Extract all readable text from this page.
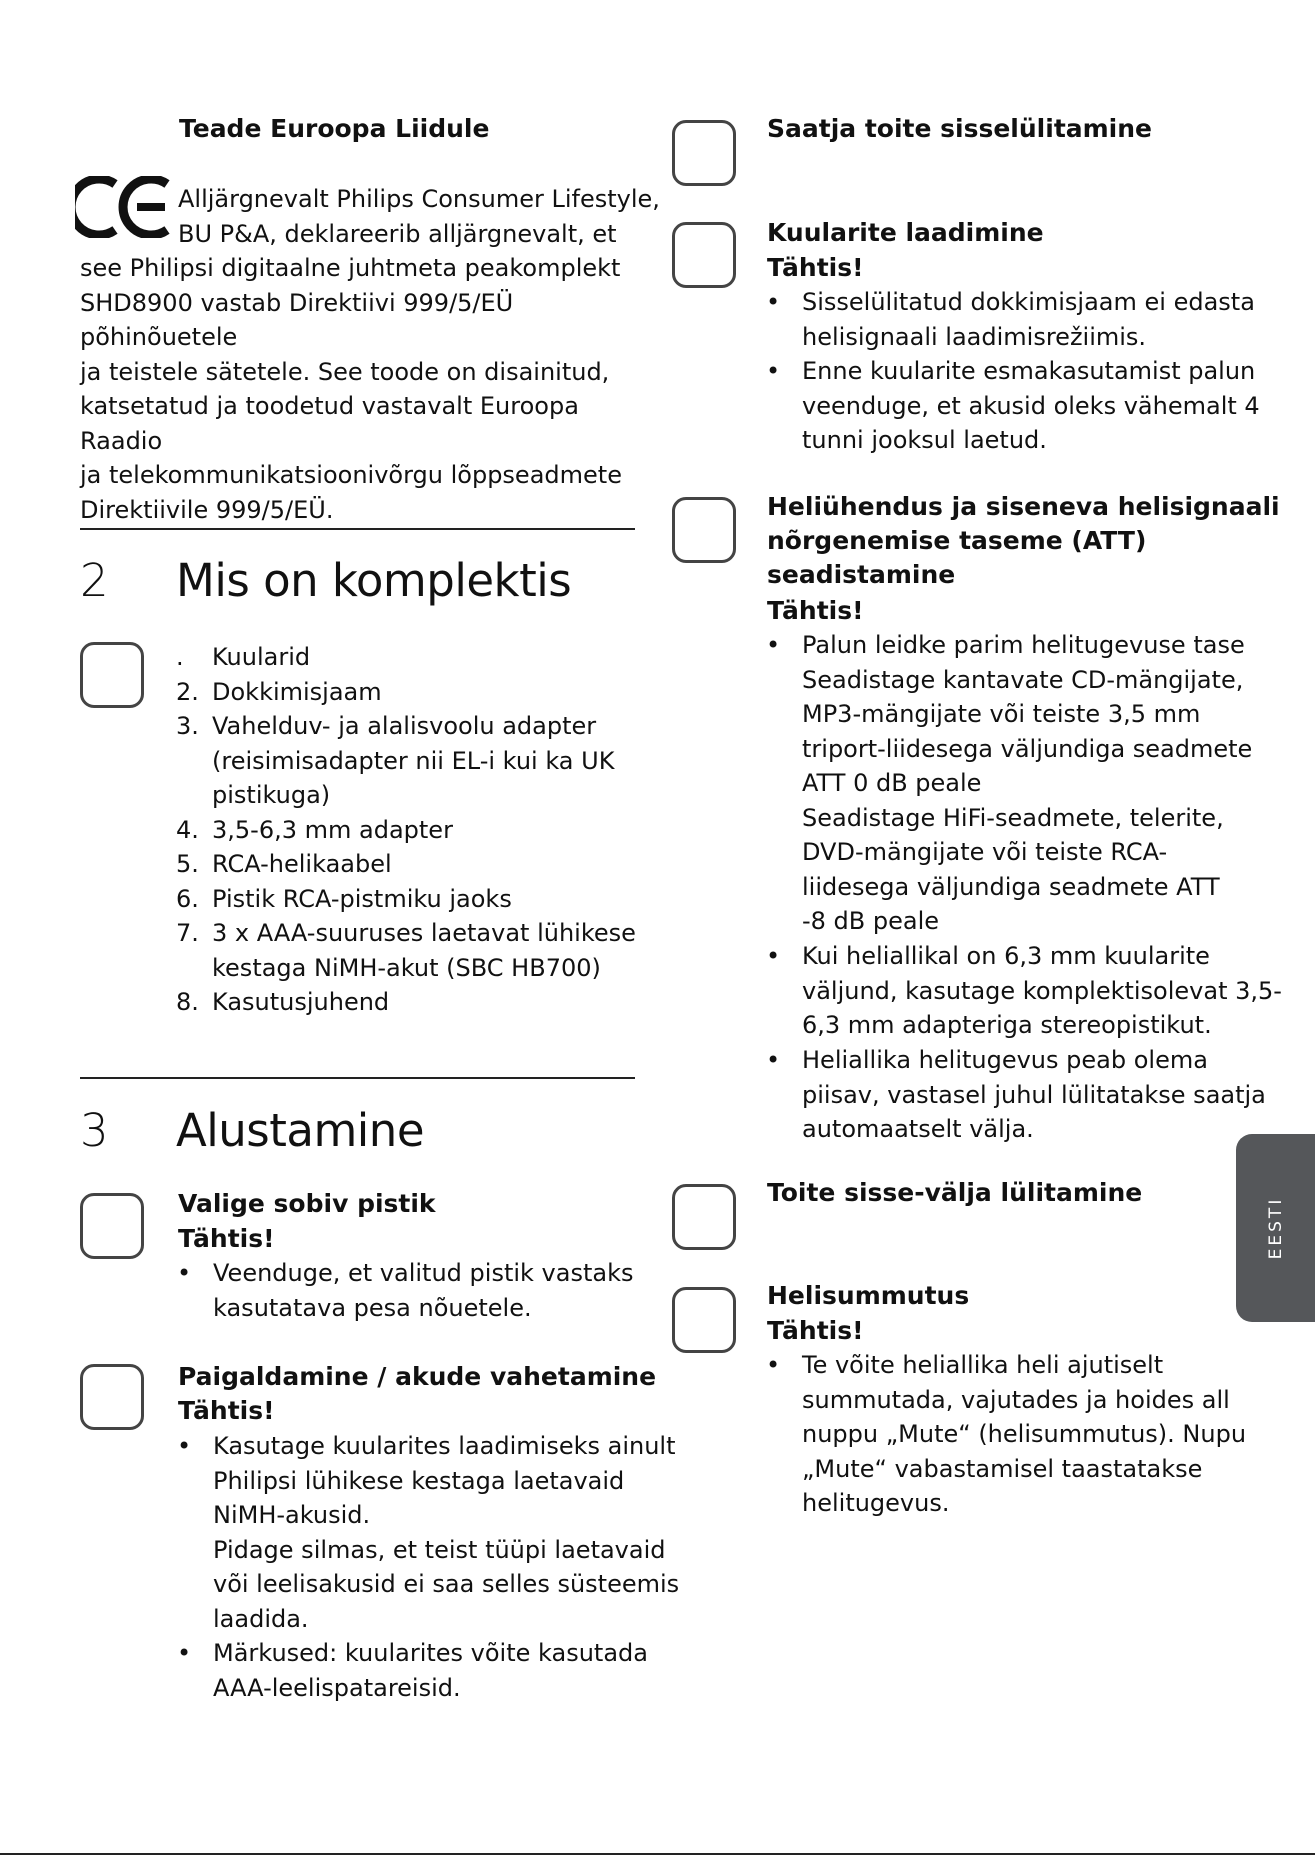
Teade Euroopa Liidule
Alljärgnevalt Philips Consumer Lifestyle,
BU P&A, deklareerib alljärgnevalt, et
see Philipsi digitaalne juhtmeta peakomplekt
SHD8900 vastab Direktiivi 999/5/EÜ põhinõuetele
ja teistele sätetele. See toode on disainitud,
katsetatud ja toodetud vastavalt Euroopa Raadio
ja telekommunikatsioonivõrgu lõppseadmete
Direktiivile 999/5/EÜ.
2 Mis on komplektis
. Kuularid
2. Dokkimisjaam
3. Vahelduv- ja alalisvoolu adapter
(reisimisadapter nii EL-i kui ka UK
pistikuga)
4. 3,5-6,3 mm adapter
5. RCA-helikaabel
6. Pistik RCA-pistmiku jaoks
7. 3 x AAA-suuruses laetavat lühikese
kestaga NiMH-akut (SBC HB700)
8. Kasutusjuhend
3 Alustamine
Valige sobiv pistik
Tähtis!
• Veenduge, et valitud pistik vastaks
kasutatava pesa nõuetele.
Paigaldamine / akude vahetamine
Tähtis!
• Kasutage kuularites laadimiseks ainult
Philipsi lühikese kestaga laetavaid
NiMH-akusid.
Pidage silmas, et teist tüüpi laetavaid
või leelisakusid ei saa selles süsteemis
laadida.
• Märkused: kuularites võite kasutada
AAA-leelispatareisid.
Saatja toite sisselülitamine
Kuularite laadimine
Tähtis!
• Sisselülitatud dokkimisjaam ei edasta
helisignaali laadimisrežiimis.
• Enne kuularite esmakasutamist palun
veenduge, et akusid oleks vähemalt 4
tunni jooksul laetud.
Heliühendus ja siseneva helisignaali
nõrgenemise taseme (ATT)
seadistamine
Tähtis!
• Palun leidke parim helitugevuse tase
Seadistage kantavate CD-mängijate,
MP3-mängijate või teiste 3,5 mm
triport-liidesega väljundiga seadmete
ATT 0 dB peale
Seadistage HiFi-seadmete, telerite,
DVD-mängijate või teiste RCA-
liidesega väljundiga seadmete ATT
-8 dB peale
• Kui heliallikal on 6,3 mm kuularite
väljund, kasutage komplektisolevat 3,5-
6,3 mm adapteriga stereopistikut.
• Heliallika helitugevus peab olema
piisav, vastasel juhul lülitatakse saatja
automaatselt välja.
Toite sisse-välja lülitamine
Helisummutus
Tähtis!
• Te võite heliallika heli ajutiselt
summutada, vajutades ja hoides all
nuppu „Mute“ (helisummutus). Nupu
„Mute“ vabastamisel taastatakse
helitugevus.
EESTI
